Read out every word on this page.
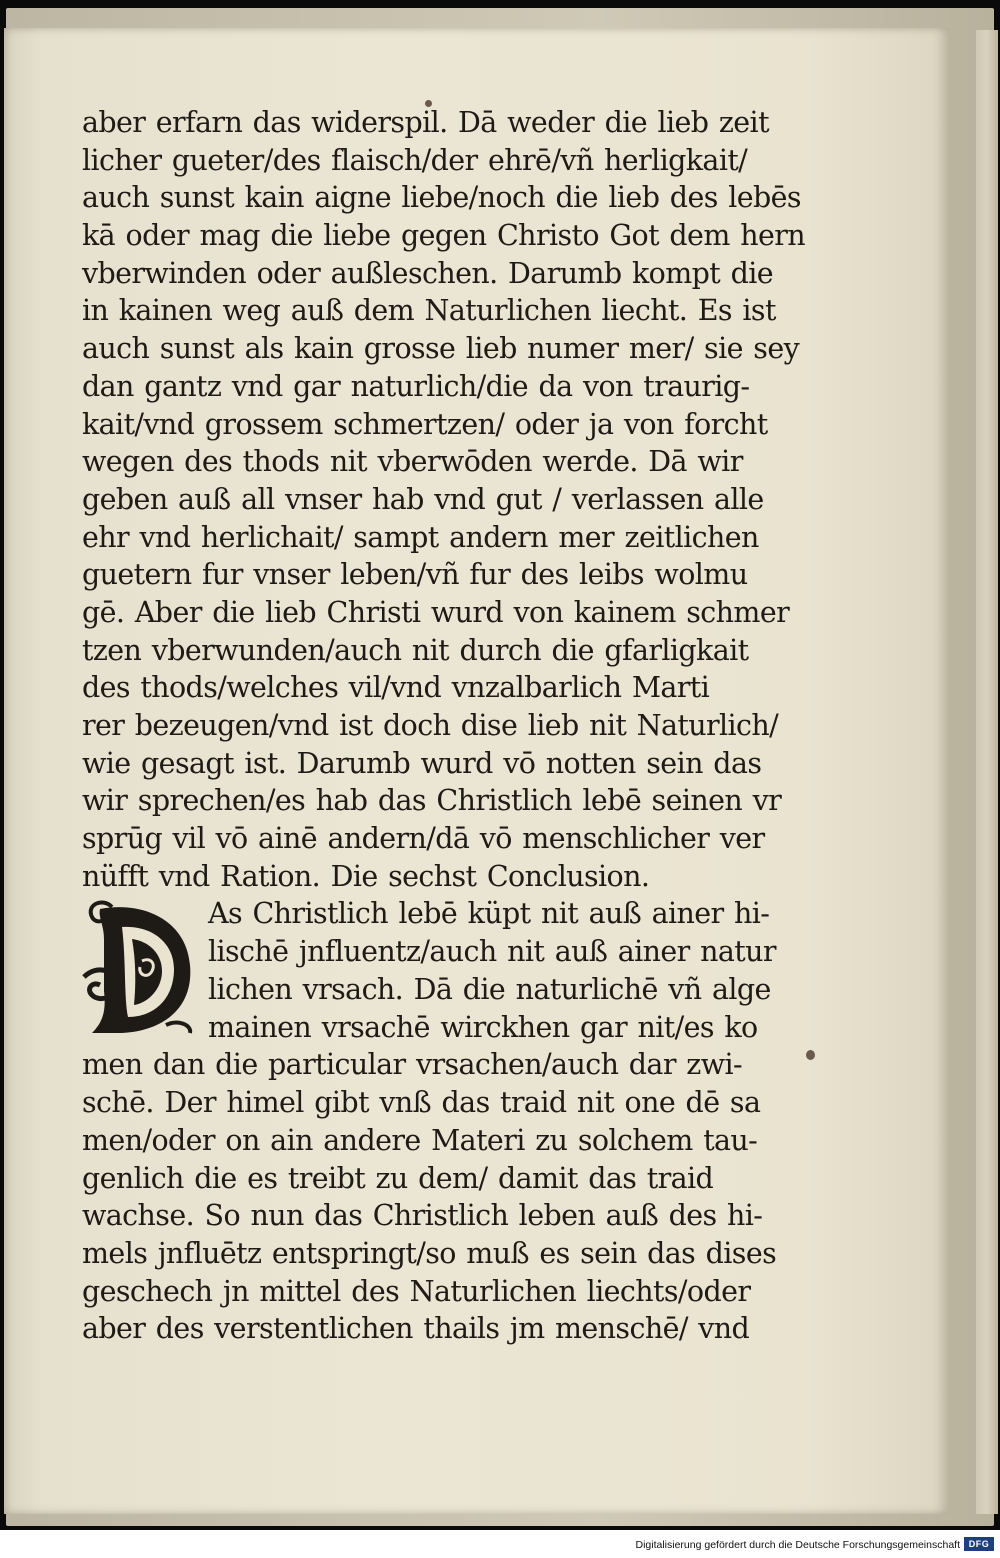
aber erfarn das widerspil. Dā weder die lieb zeit
licher gueter/des flaisch/der ehrē/vñ herligkait/
auch sunst kain aigne liebe/noch die lieb des lebēs
kā oder mag die liebe gegen Christo Got dem hern
vberwinden oder außleschen. Darumb kompt die
in kainen weg auß dem Naturlichen liecht. Es ist
auch sunst als kain grosse lieb numer mer/ sie sey
dan gantz vnd gar naturlich/die da von traurig-
kait/vnd grossem schmertzen/ oder ja von forcht
wegen des thods nit vberwōden werde. Dā wir
geben auß all vnser hab vnd gut / verlassen alle
ehr vnd herlichait/ sampt andern mer zeitlichen
guetern fur vnser leben/vñ fur des leibs wolmu
gē. Aber die lieb Christi wurd von kainem schmer
tzen vberwunden/auch nit durch die gfarligkait
des thods/welches vil/vnd vnzalbarlich Marti
rer bezeugen/vnd ist doch dise lieb nit Naturlich/
wie gesagt ist. Darumb wurd vō notten sein das
wir sprechen/es hab das Christlich lebē seinen vr
sprūg vil vō ainē andern/dā vō menschlicher ver
nüfft vnd Ration. Die sechst Conclusion.
As Christlich lebē küpt nit auß ainer hi-
lischē jnfluentz/auch nit auß ainer natur
lichen vrsach. Dā die naturlichē vñ alge
mainen vrsachē wirckhen gar nit/es ko
men dan die particular vrsachen/auch dar zwi-
schē. Der himel gibt vnß das traid nit one dē sa
men/oder on ain andere Materi zu solchem tau-
genlich die es treibt zu dem/ damit das traid
wachse. So nun das Christlich leben auß des hi-
mels jnfluētz entspringt/so muß es sein das dises
geschech jn mittel des Naturlichen liechts/oder
aber des verstentlichen thails jm menschē/ vnd
Digitalisierung gefördert durch die Deutsche Forschungsgemeinschaft DFG
